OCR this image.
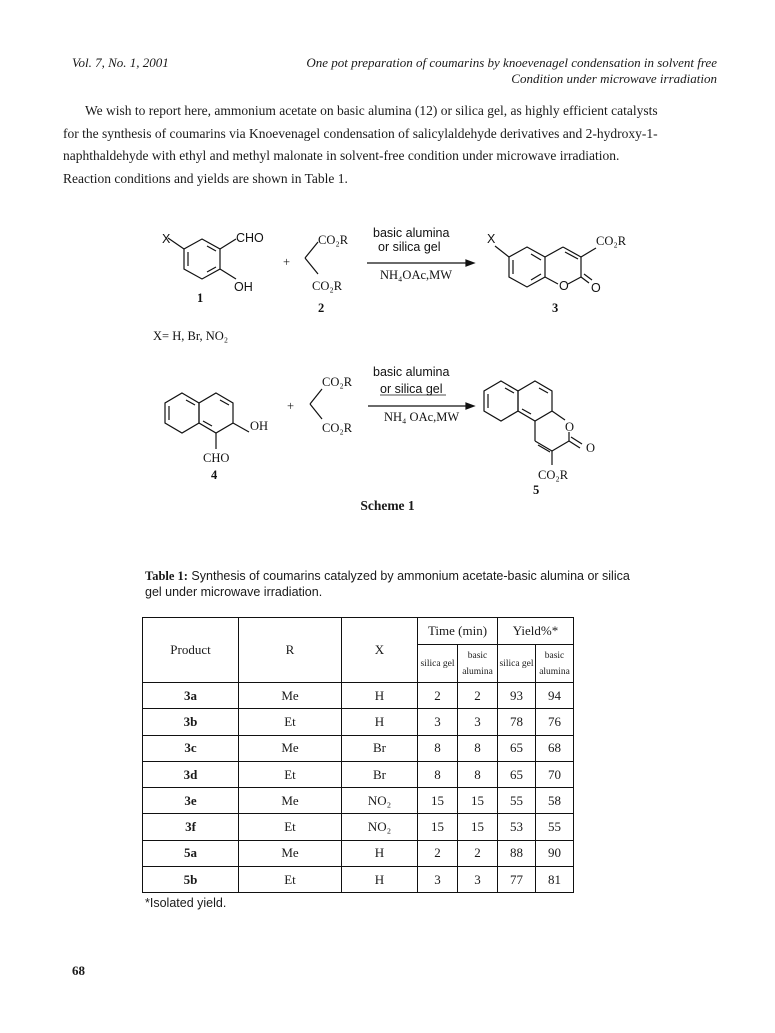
Vol. 7, No. 1, 2001	One pot preparation of coumarins by knoevenagel condensation in solvent free
Condition under microwave irradiation
We wish to report here, ammonium acetate on basic alumina (12) or silica gel, as highly efficient catalysts
for the synthesis of coumarins via Knoevenagel condensation of salicylaldehyde derivatives and 2-hydroxy-1-
naphthaldehyde with ethyl and methyl malonate in solvent-free condition under microwave irradiation.
Reaction conditions and yields are shown in Table 1.
X	CHO
OH
1
+
CO₂R
CO₂R
2
basic alumina
or silica gel
NH₄OAc,MW
X	CO₂R
O O
3
X= H, Br, NO₂
OH
CHO
4
+
CO₂R
CO₂R
basic alumina
or silica gel
NH₄ OAc,MW
O
O
CO₂R
5
Scheme 1
Table 1: Synthesis of coumarins catalyzed by ammonium acetate-basic alumina or silica gel under microwave irradiation.
Product	R	X	Time (min)		Yield%*	
			silica gel	basic alumina	silica gel	basic alumina
3a	Me	H	2	2	93	94
3b	Et	H	3	3	78	76
3c	Me	Br	8	8	65	68
3d	Et	Br	8	8	65	70
3e	Me	NO₂	15	15	55	58
3f	Et	NO₂	15	15	53	55
5a	Me	H	2	2	88	90
5b	Et	H	3	3	77	81
*Isolated yield.
68
